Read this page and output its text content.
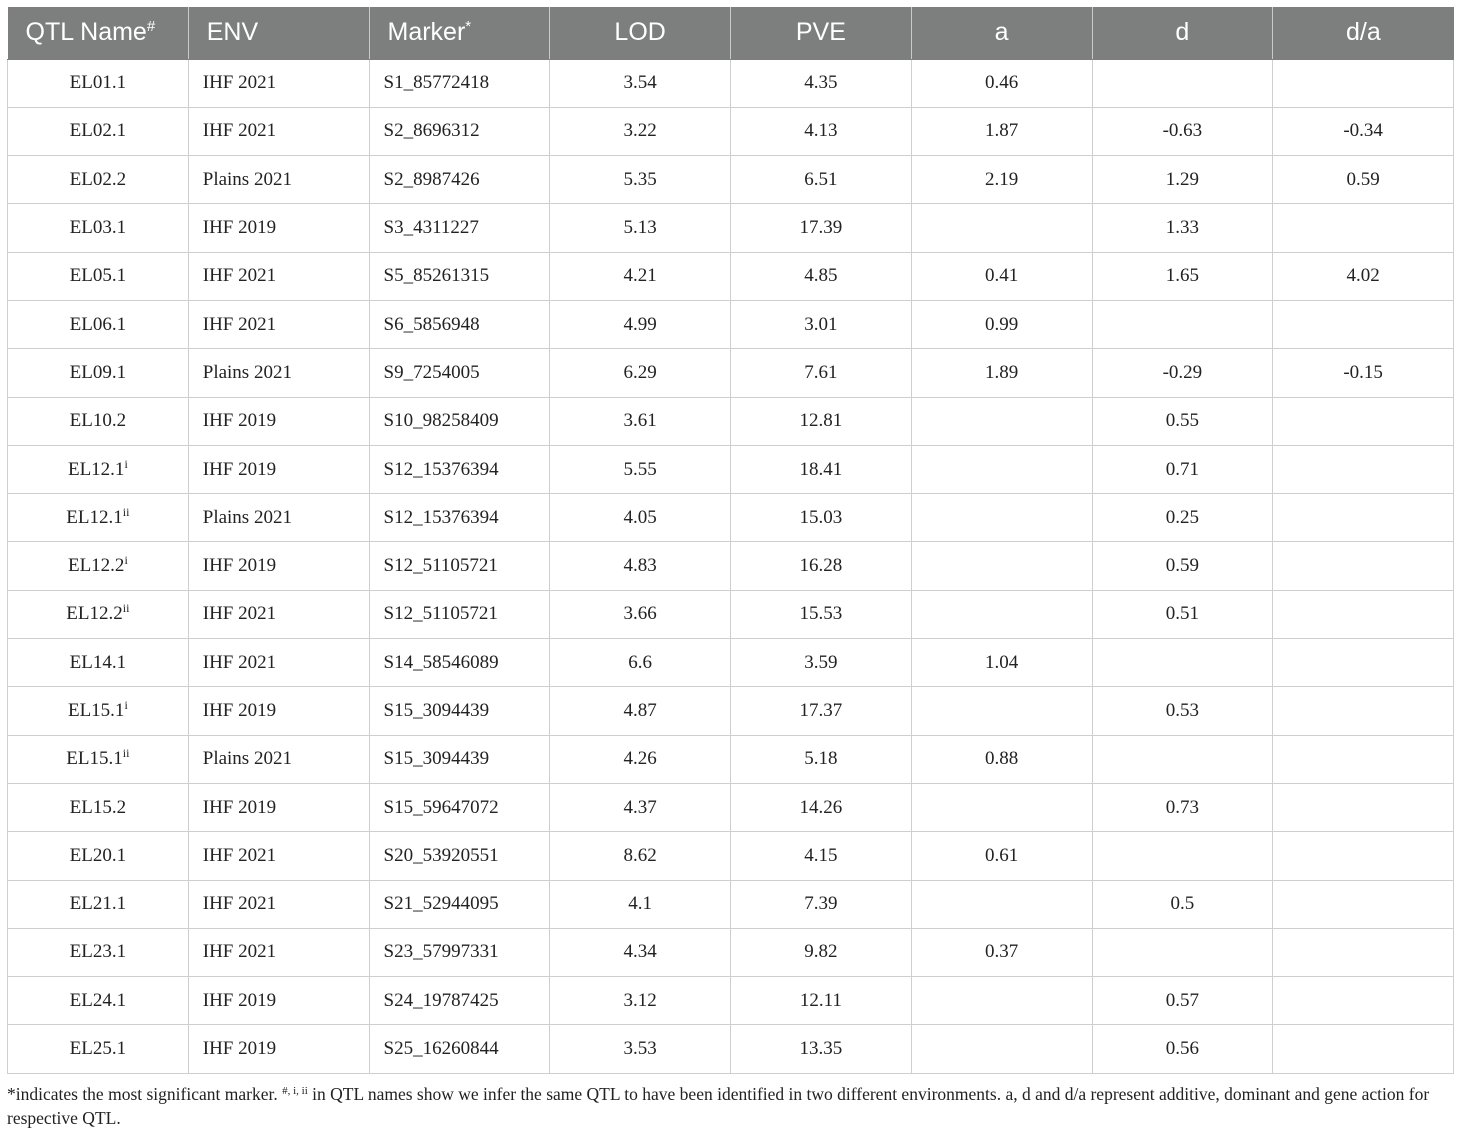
QTL Name#	ENV	Marker*	LOD	PVE	a	d	d/a
EL01.1	IHF 2021	S1_85772418	3.54	4.35	0.46		
EL02.1	IHF 2021	S2_8696312	3.22	4.13	1.87	-0.63	-0.34
EL02.2	Plains 2021	S2_8987426	5.35	6.51	2.19	1.29	0.59
EL03.1	IHF 2019	S3_4311227	5.13	17.39		1.33	
EL05.1	IHF 2021	S5_85261315	4.21	4.85	0.41	1.65	4.02
EL06.1	IHF 2021	S6_5856948	4.99	3.01	0.99		
EL09.1	Plains 2021	S9_7254005	6.29	7.61	1.89	-0.29	-0.15
EL10.2	IHF 2019	S10_98258409	3.61	12.81		0.55	
EL12.1$^i$	IHF 2019	S12_15376394	5.55	18.41		0.71	
EL12.1$^{ii}$	Plains 2021	S12_15376394	4.05	15.03		0.25	
EL12.2$^i$	IHF 2019	S12_51105721	4.83	16.28		0.59	
EL12.2$^{ii}$	IHF 2021	S12_51105721	3.66	15.53		0.51	
EL14.1	IHF 2021	S14_58546089	6.6	3.59	1.04		
EL15.1$^i$	IHF 2019	S15_3094439	4.87	17.37		0.53	
EL15.1$^{ii}$	Plains 2021	S15_3094439	4.26	5.18	0.88		
EL15.2	IHF 2019	S15_59647072	4.37	14.26		0.73	
EL20.1	IHF 2021	S20_53920551	8.62	4.15	0.61		
EL21.1	IHF 2021	S21_52944095	4.1	7.39		0.5	
EL23.1	IHF 2021	S23_57997331	4.34	9.82	0.37		
EL24.1	IHF 2019	S24_19787425	3.12	12.11		0.57	
EL25.1	IHF 2019	S25_16260844	3.53	13.35		0.56	
*indicates the most significant marker. $^{\#, i, ii}$ in QTL names show we infer the same QTL to have been identified in two different environments. a, d and d/a represent additive, dominant and gene action for respective QTL.
